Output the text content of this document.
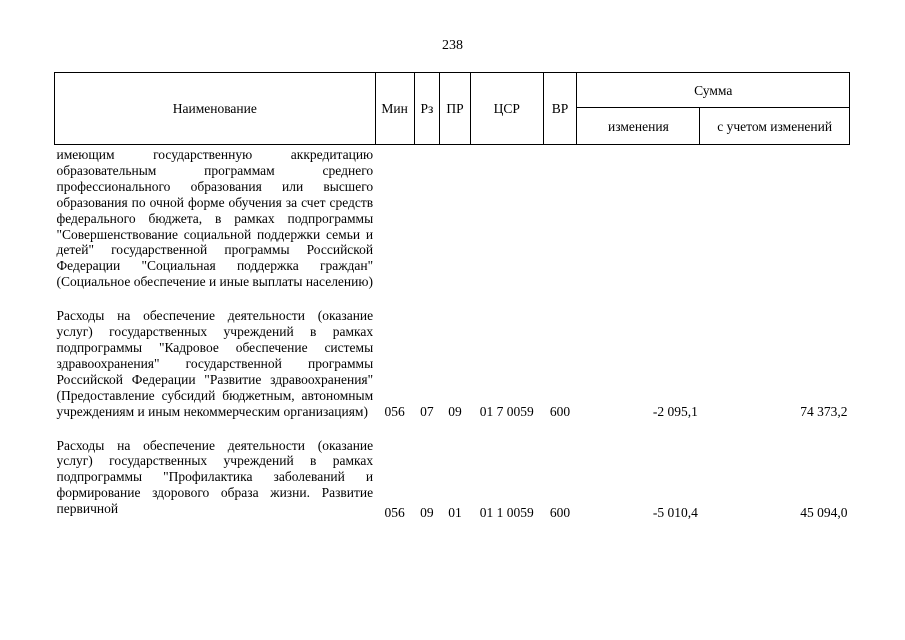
238
Наименование	Мин	Рз	ПР	ЦСР	ВР	Сумма	
						изменения	с учетом изменений
имеющим государственную аккредитацию образовательным программам среднего профессионального образования или высшего образования по очной форме обучения за счет средств федерального бюджета, в рамках подпрограммы "Совершенствование социальной поддержки семьи и детей" государственной программы Российской Федерации "Социальная поддержка граждан" (Социальное обеспечение и иные выплаты населению)							

Расходы на обеспечение деятельности (оказание услуг) государственных учреждений в рамках подпрограммы "Кадровое обеспечение системы здравоохранения" государственной программы Российской Федерации "Развитие здравоохранения" (Предоставление субсидий бюджетным, автономным учреждениям и иным некоммерческим организациям)	056	07	09	01 7 0059	600	-2 095,1	74 373,2

Расходы на обеспечение деятельности (оказание услуг) государственных учреждений в рамках подпрограммы "Профилактика заболеваний и формирование здорового образа жизни. Развитие первичной	056	09	01	01 1 0059	600	-5 010,4	45 094,0
